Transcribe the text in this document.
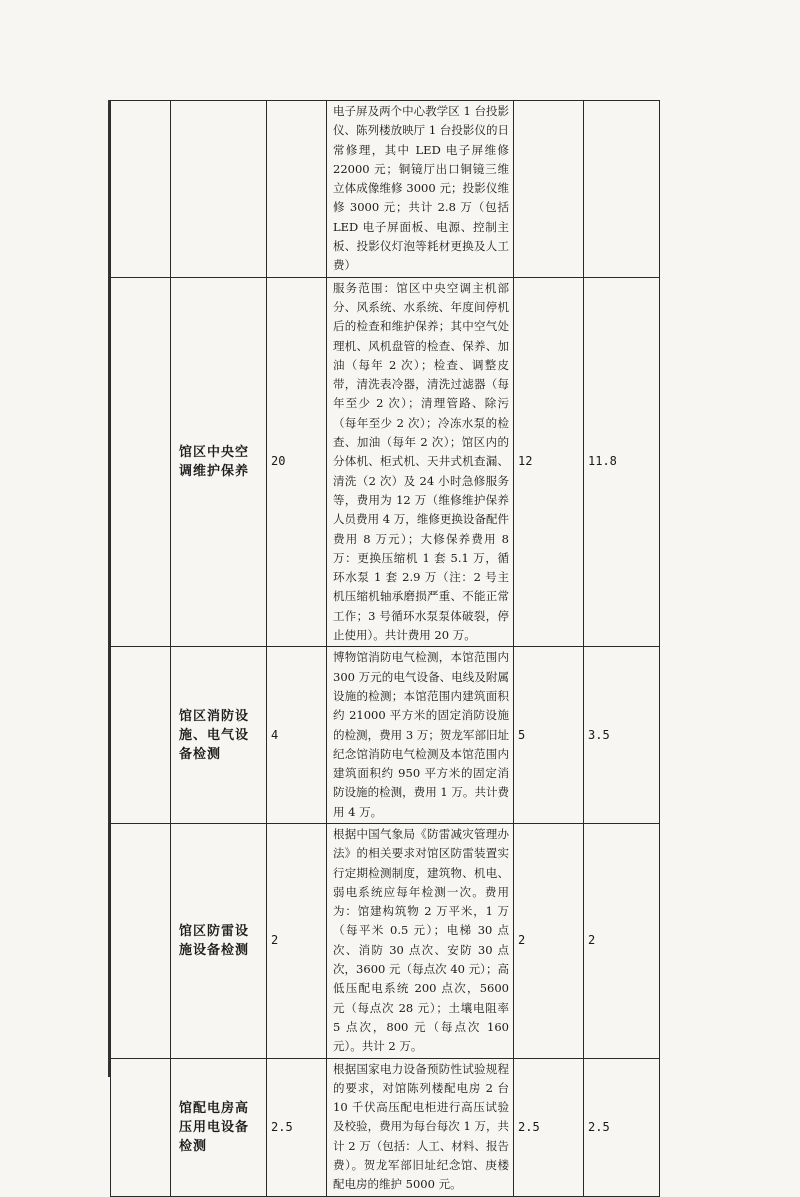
			电子屏及两个中心教学区 1 台投影仪、陈列楼放映厅 1 台投影仪的日常修理，其中 LED 电子屏维修 22000 元；铜镜厅出口铜镜三维立体成像维修 3000 元；投影仪维修 3000 元；共计 2.8 万（包括 LED 电子屏面板、电源、控制主板、投影仪灯泡等耗材更换及人工费）		
	馆区中央空调维护保养	20	服务范围：馆区中央空调主机部分、风系统、水系统、年度间停机后的检查和维护保养；其中空气处理机、风机盘管的检查、保养、加油（每年 2 次）；检查、调整皮带，清洗表冷器，清洗过滤器（每年至少 2 次）；清理管路、除污（每年至少 2 次）；冷冻水泵的检查、加油（每年 2 次）；馆区内的分体机、柜式机、天井式机查漏、清洗（2 次）及 24 小时急修服务等，费用为 12 万（维修维护保养人员费用 4 万，维修更换设备配件费用 8 万元）；大修保养费用 8 万：更换压缩机 1 套 5.1 万，循环水泵 1 套 2.9 万（注：2 号主机压缩机轴承磨损严重、不能正常工作；3 号循环水泵泵体破裂，停止使用）。共计费用 20 万。	12	11.8
	馆区消防设施、电气设备检测	4	博物馆消防电气检测，本馆范围内 300 万元的电气设备、电线及附属设施的检测；本馆范围内建筑面积约 21000 平方米的固定消防设施的检测，费用 3 万；贺龙军部旧址纪念馆消防电气检测及本馆范围内建筑面积约 950 平方米的固定消防设施的检测，费用 1 万。共计费用 4 万。	5	3.5
	馆区防雷设施设备检测	2	根据中国气象局《防雷减灾管理办法》的相关要求对馆区防雷装置实行定期检测制度，建筑物、机电、弱电系统应每年检测一次。费用为：馆建构筑物 2 万平米，1 万（每平米 0.5 元）；电梯 30 点次、消防 30 点次、安防 30 点次，3600 元（每点次 40 元）；高低压配电系统 200 点次，5600 元（每点次 28 元）；土壤电阻率 5 点次，800 元（每点次 160 元）。共计 2 万。	2	2
	馆配电房高压用电设备检测	2.5	根据国家电力设备预防性试验规程的要求，对馆陈列楼配电房 2 台 10 千伏高压配电柜进行高压试验及校验，费用为每台每次 1 万，共计 2 万（包括：人工、材料、报告费）。贺龙军部旧址纪念馆、庚楼配电房的维护 5000 元。	2.5	2.5
